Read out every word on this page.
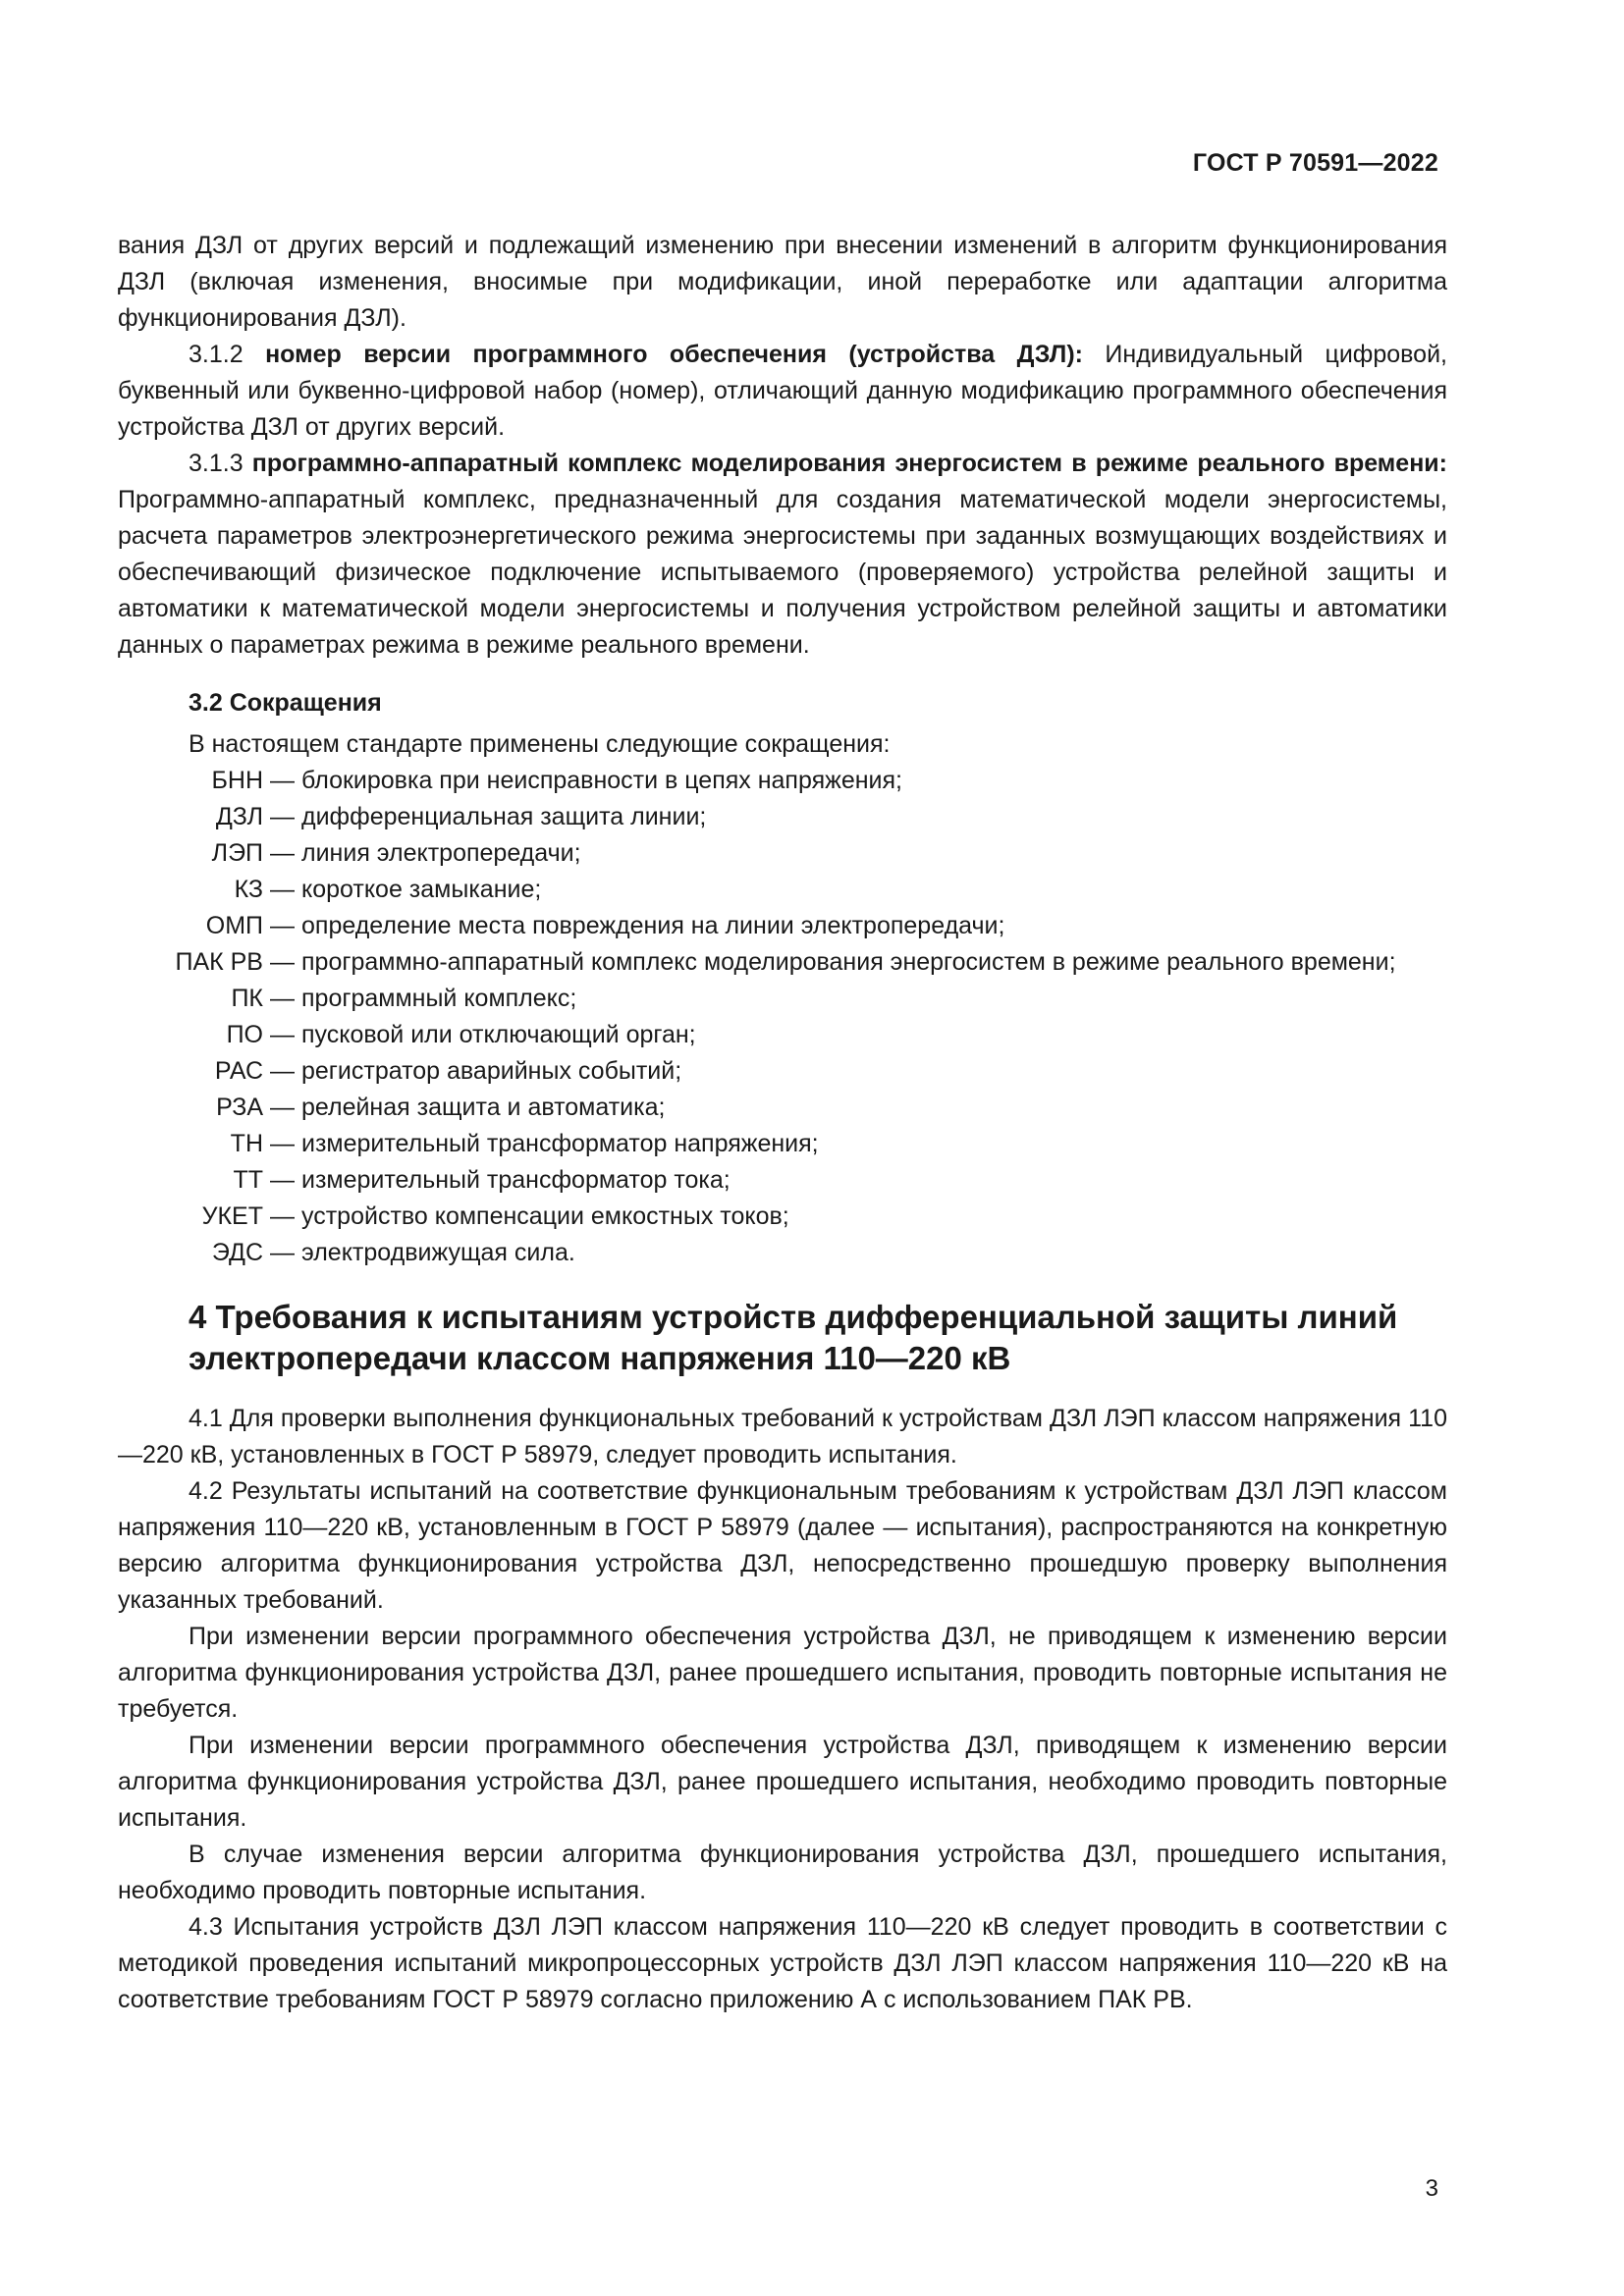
ГОСТ Р 70591—2022

вания ДЗЛ от других версий и подлежащий изменению при внесении изменений в алгоритм функционирования ДЗЛ (включая изменения, вносимые при модификации, иной переработке или адаптации алгоритма функционирования ДЗЛ).

3.1.2 номер версии программного обеспечения (устройства ДЗЛ): Индивидуальный цифровой, буквенный или буквенно-цифровой набор (номер), отличающий данную модификацию программного обеспечения устройства ДЗЛ от других версий.

3.1.3 программно-аппаратный комплекс моделирования энергосистем в режиме реального времени: Программно-аппаратный комплекс, предназначенный для создания математической модели энергосистемы, расчета параметров электроэнергетического режима энергосистемы при заданных возмущающих воздействиях и обеспечивающий физическое подключение испытываемого (проверяемого) устройства релейной защиты и автоматики к математической модели энергосистемы и получения устройством релейной защиты и автоматики данных о параметрах режима в режиме реального времени.

3.2 Сокращения

В настоящем стандарте применены следующие сокращения:

БНН — блокировка при неисправности в цепях напряжения;
ДЗЛ — дифференциальная защита линии;
ЛЭП — линия электропередачи;
КЗ — короткое замыкание;
ОМП — определение места повреждения на линии электропередачи;
ПАК РВ — программно-аппаратный комплекс моделирования энергосистем в режиме реального времени;
ПК — программный комплекс;
ПО — пусковой или отключающий орган;
РАС — регистратор аварийных событий;
РЗА — релейная защита и автоматика;
ТН — измерительный трансформатор напряжения;
ТТ — измерительный трансформатор тока;
УКЕТ — устройство компенсации емкостных токов;
ЭДС — электродвижущая сила.
4 Требования к испытаниям устройств дифференциальной защиты линий
электропередачи классом напряжения 110—220 кВ

4.1 Для проверки выполнения функциональных требований к устройствам ДЗЛ ЛЭП классом напряжения 110—220 кВ, установленных в ГОСТ Р 58979, следует проводить испытания.

4.2 Результаты испытаний на соответствие функциональным требованиям к устройствам ДЗЛ ЛЭП классом напряжения 110—220 кВ, установленным в ГОСТ Р 58979 (далее — испытания), распространяются на конкретную версию алгоритма функционирования устройства ДЗЛ, непосредственно прошедшую проверку выполнения указанных требований.

При изменении версии программного обеспечения устройства ДЗЛ, не приводящем к изменению версии алгоритма функционирования устройства ДЗЛ, ранее прошедшего испытания, проводить повторные испытания не требуется.

При изменении версии программного обеспечения устройства ДЗЛ, приводящем к изменению версии алгоритма функционирования устройства ДЗЛ, ранее прошедшего испытания, необходимо проводить повторные испытания.

В случае изменения версии алгоритма функционирования устройства ДЗЛ, прошедшего испытания, необходимо проводить повторные испытания.

4.3 Испытания устройств ДЗЛ ЛЭП классом напряжения 110—220 кВ следует проводить в соответствии с методикой проведения испытаний микропроцессорных устройств ДЗЛ ЛЭП классом напряжения 110—220 кВ на соответствие требованиям ГОСТ Р 58979 согласно приложению А с использованием ПАК РВ.

3
